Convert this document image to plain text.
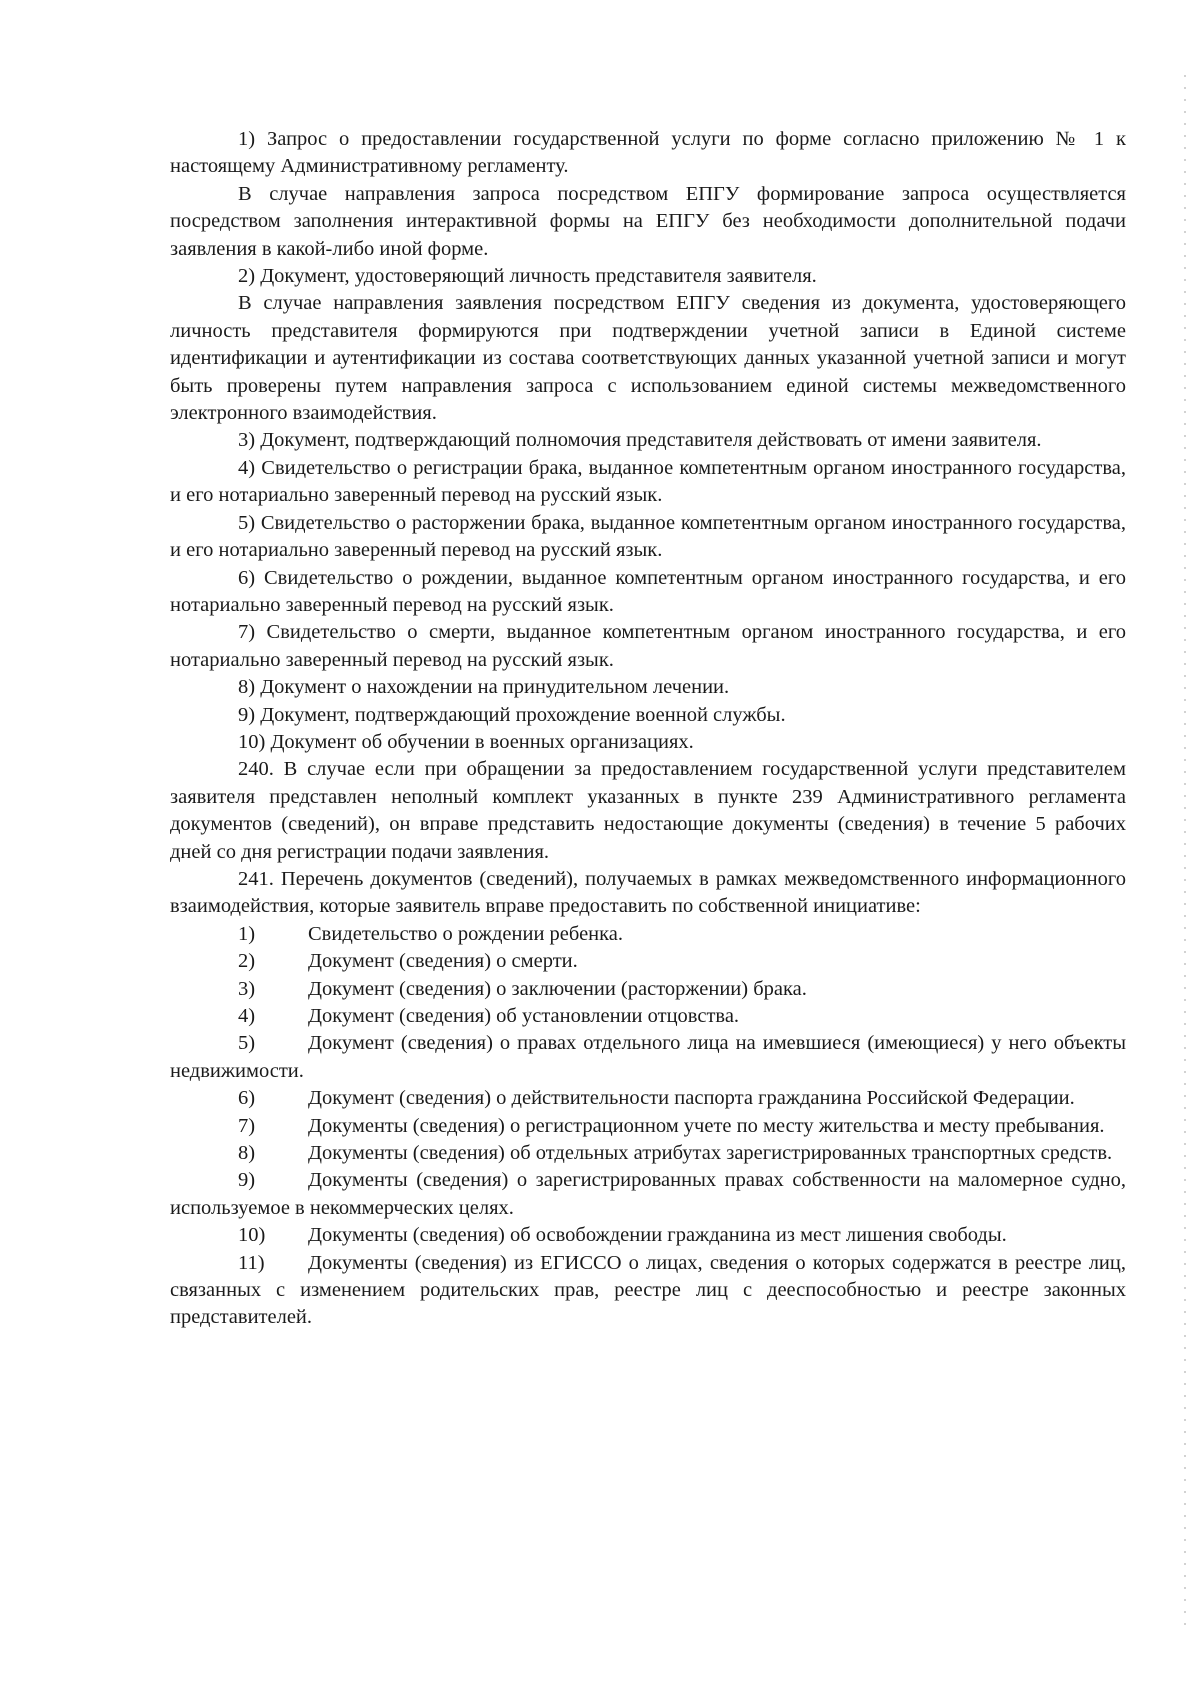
1) Запрос о предоставлении государственной услуги по форме согласно приложению № 1 к настоящему Административному регламенту.

В случае направления запроса посредством ЕПГУ формирование запроса осуществляется посредством заполнения интерактивной формы на ЕПГУ без необходимости дополнительной подачи заявления в какой-либо иной форме.

2) Документ, удостоверяющий личность представителя заявителя.

В случае направления заявления посредством ЕПГУ сведения из документа, удостоверяющего личность представителя формируются при подтверждении учетной записи в Единой системе идентификации и аутентификации из состава соответствующих данных указанной учетной записи и могут быть проверены путем направления запроса с использованием единой системы межведомственного электронного взаимодействия.

3) Документ, подтверждающий полномочия представителя действовать от имени заявителя.

4) Свидетельство о регистрации брака, выданное компетентным органом иностранного государства, и его нотариально заверенный перевод на русский язык.

5) Свидетельство о расторжении брака, выданное компетентным органом иностранного государства, и его нотариально заверенный перевод на русский язык.

6) Свидетельство о рождении, выданное компетентным органом иностранного государства, и его нотариально заверенный перевод на русский язык.

7) Свидетельство о смерти, выданное компетентным органом иностранного государства, и его нотариально заверенный перевод на русский язык.

8) Документ о нахождении на принудительном лечении.

9) Документ, подтверждающий прохождение военной службы.

10) Документ об обучении в военных организациях.

240. В случае если при обращении за предоставлением государственной услуги представителем заявителя представлен неполный комплект указанных в пункте 239 Административного регламента документов (сведений), он вправе представить недостающие документы (сведения) в течение 5 рабочих дней со дня регистрации подачи заявления.

241. Перечень документов (сведений), получаемых в рамках межведомственного информационного взаимодействия, которые заявитель вправе предоставить по собственной инициативе:

1)	Свидетельство о рождении ребенка.

2)	Документ (сведения) о смерти.

3)	Документ (сведения) о заключении (расторжении) брака.

4)	Документ (сведения) об установлении отцовства.

5)	Документ (сведения) о правах отдельного лица на имевшиеся (имеющиеся) у него объекты недвижимости.

6)	Документ (сведения) о действительности паспорта гражданина Российской Федерации.

7)	Документы (сведения) о регистрационном учете по месту жительства и месту пребывания.

8)	Документы (сведения) об отдельных атрибутах зарегистрированных транспортных средств.

9)	Документы (сведения) о зарегистрированных правах собственности на маломерное судно, используемое в некоммерческих целях.

10) Документы (сведения) об освобождении гражданина из мест лишения свободы.

11) Документы (сведения) из ЕГИССО о лицах, сведения о которых содержатся в реестре лиц, связанных с изменением родительских прав, реестре лиц с дееспособностью и реестре законных представителей.
